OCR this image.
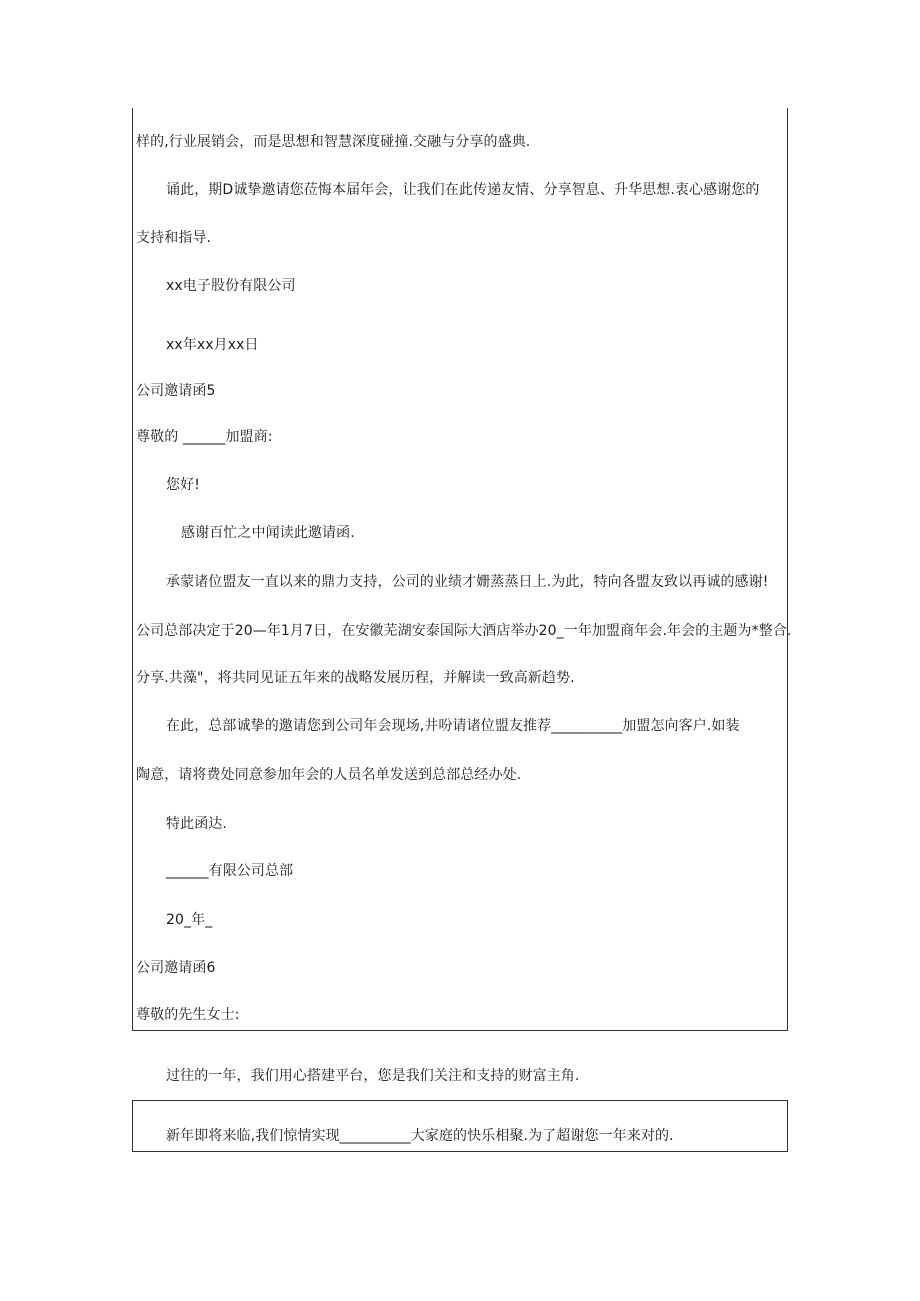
样的,行业展销会，而是思想和智慧深度碰撞.交融与分享的盛典.
诵此，期D诚挚邀请您莅悔本届年会，让我们在此传递友情、分享智息、升华思想.衷心感谢您的
支持和指导.
xx电子股份有限公司
xx年xx月xx日
公司邀请函5
尊敬的 ______加盟商:
您好!
感谢百忙之中闻读此邀请函.
承蒙诸位盟友一直以来的鼎力支持，公司的业绩才姗蒸蒸日上.为此，特向各盟友致以再诚的感谢!
公司总部决定于20—年1月7日，在安徽芜湖安泰国际大酒店举办20_一年加盟商年会.年会的主题为*整合.
分享.共藻"，将共同见证五年来的战略发展历程，并解读一致高新趋势.
在此，总部诚挚的邀请您到公司年会现场,井吩请诸位盟友推荐__________加盟怎向客户.如装
陶意，请将费处同意参加年会的人员名单发送到总部总经办处.
特此函达.
______有限公司总部
20_年_
公司邀请函6
尊敬的先生女士:
过往的一年，我们用心搭建平台，您是我们关注和支持的财富主角.
新年即将来临,我们惊情实现__________大家庭的快乐相聚.为了超谢您一年来对的.
